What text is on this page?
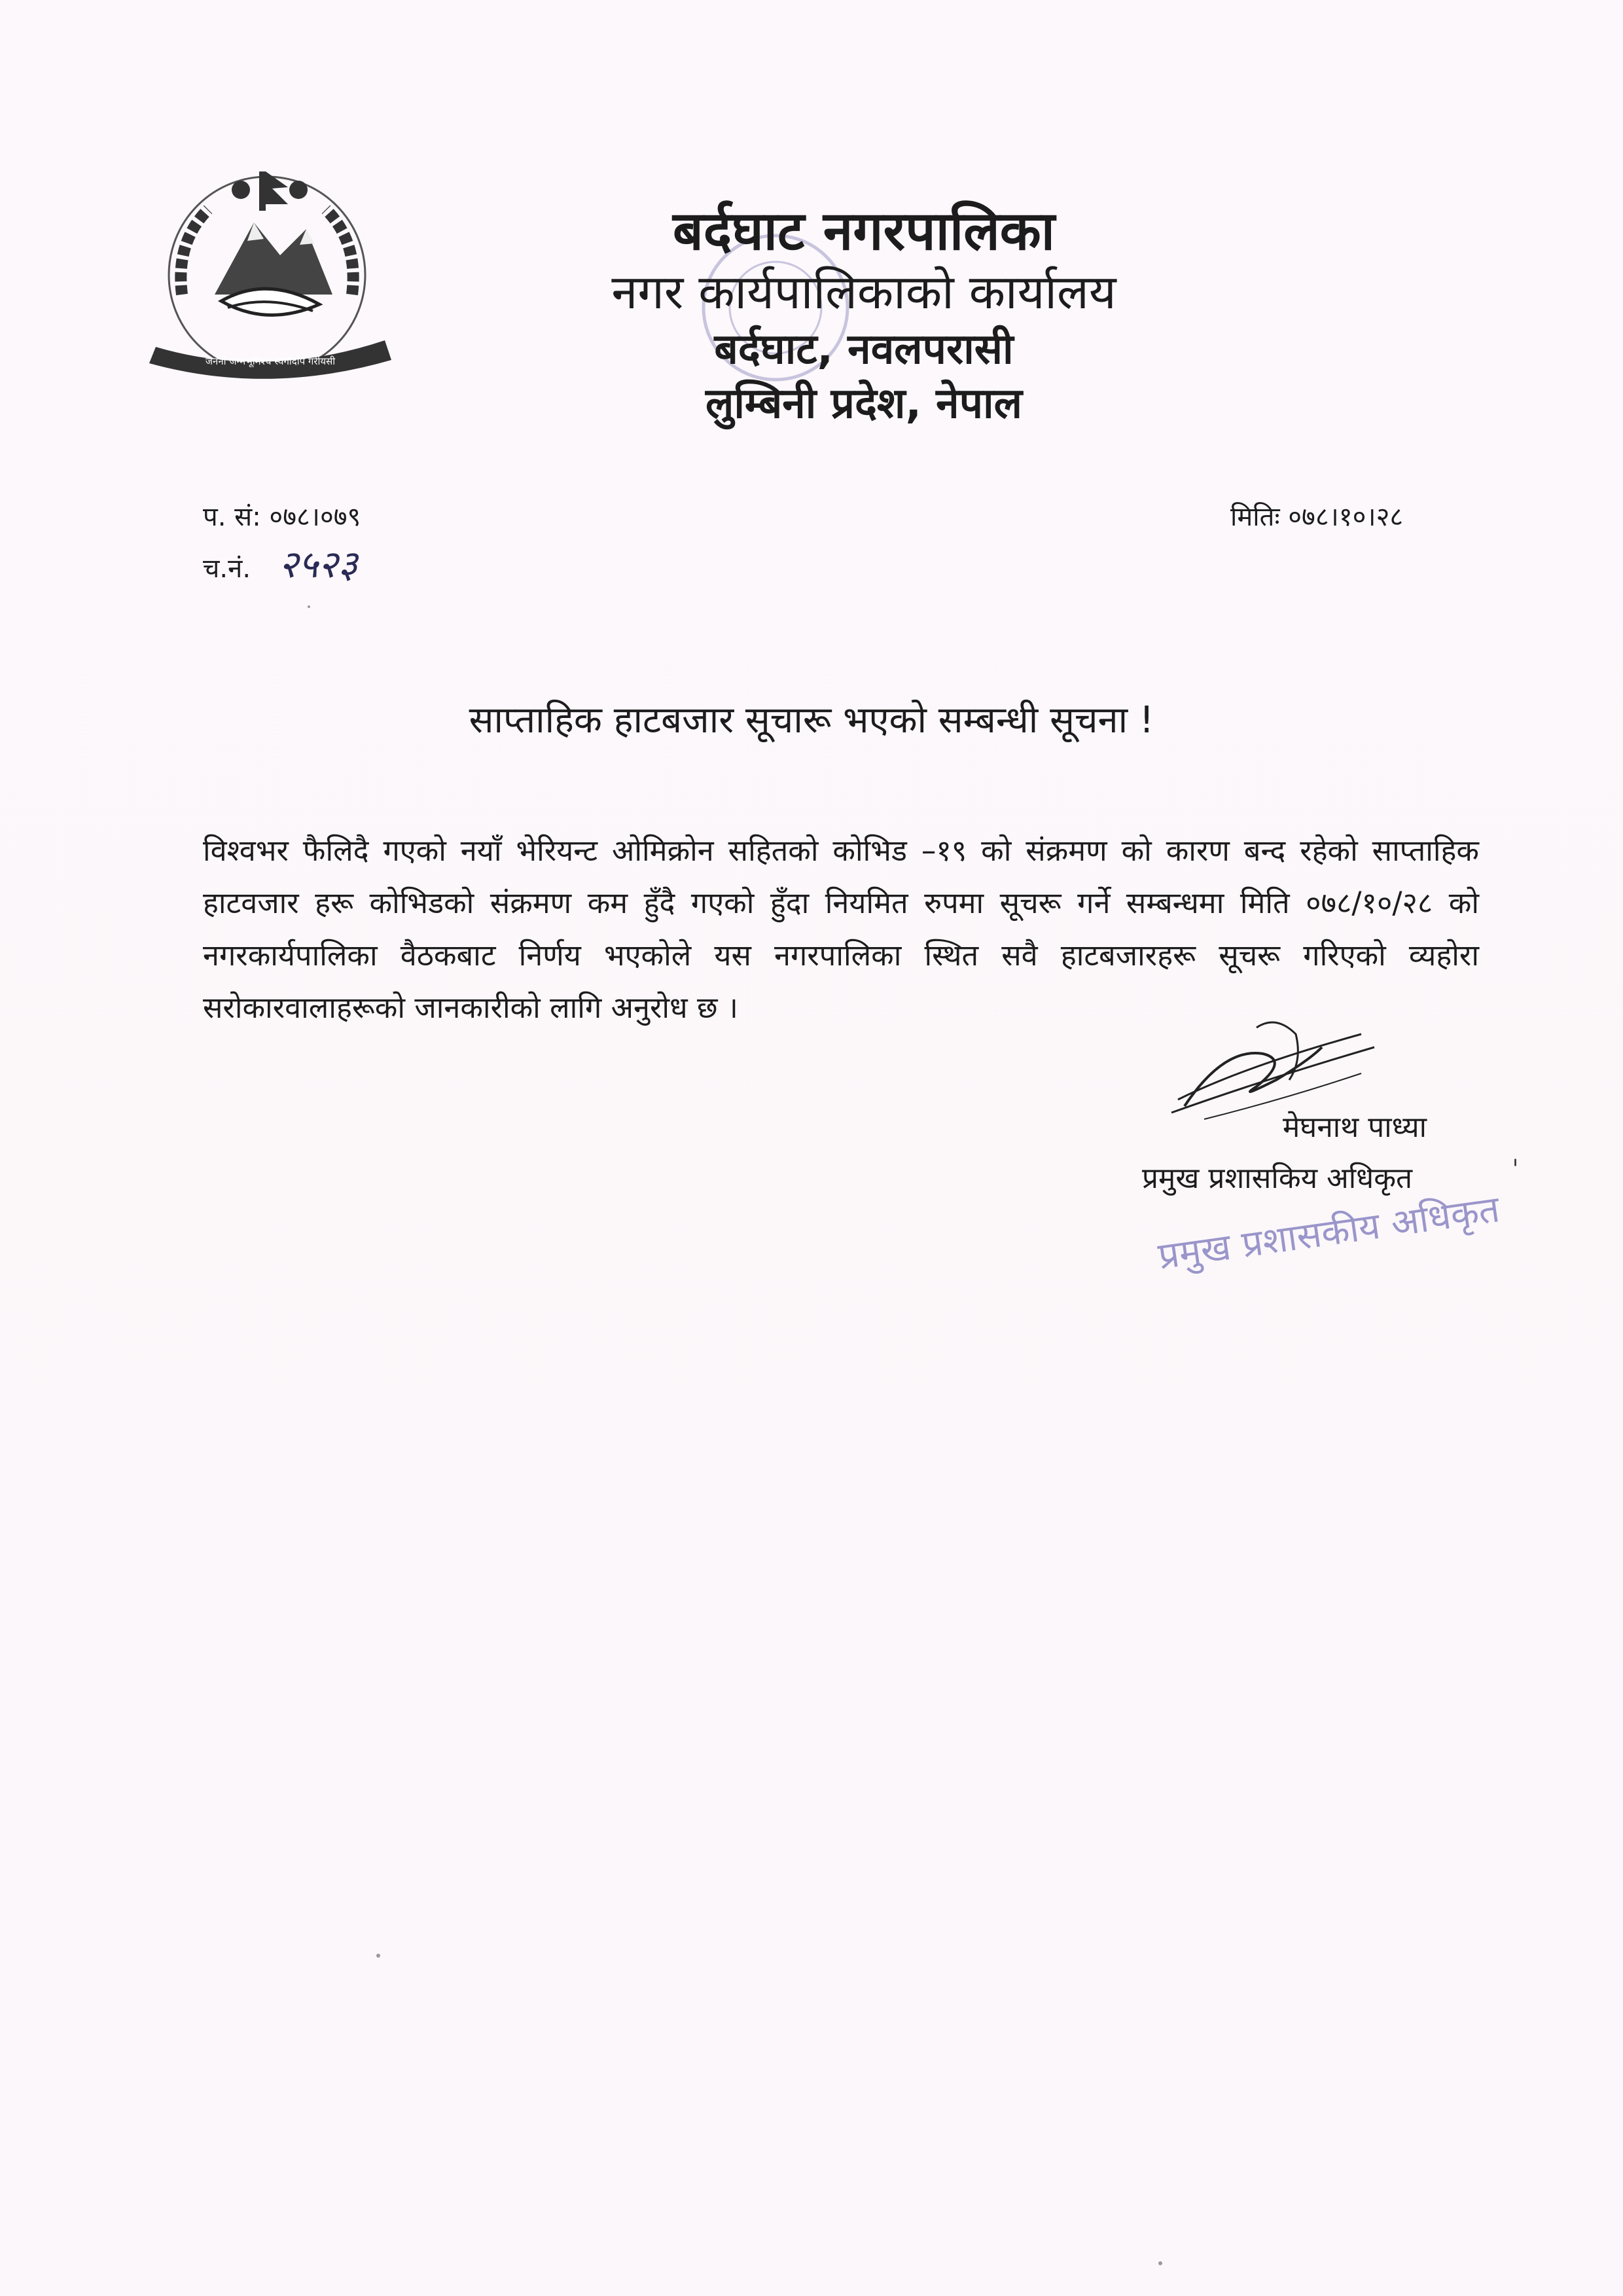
जननी जन्मभूमिश्च स्वर्गादपि गरीयसी
बर्दघाट नगरपालिका
नगर कार्यपालिकाको कार्यालय
बर्दघाट, नवलपरासी
लुम्बिनी प्रदेश, नेपाल
प. सं: ०७८।०७९
च.नं. २५२३
मितिः ०७८।१०।२८
साप्ताहिक हाटबजार सूचारू भएको सम्बन्धी सूचना !
विश्वभर फैलिदै गएको नयाँ भेरियन्ट ओमिक्रोन सहितको कोभिड –१९ को संक्रमण को कारण बन्द रहेको साप्ताहिक हाटवजार हरू कोभिडको संक्रमण कम हुँदै गएको हुँदा नियमित रुपमा सूचरू गर्ने सम्बन्धमा मिति ०७८/१०/२८ को नगरकार्यपालिका वैठकबाट निर्णय भएकोले यस नगरपालिका स्थित सवै हाटबजारहरू सूचरू गरिएको व्यहोरा सरोकारवालाहरूको जानकारीको लागि अनुरोध छ ।
मेघनाथ पाध्या
प्रमुख प्रशासकिय अधिकृत	ˈ
प्रमुख प्रशासकीय अधिकृत
